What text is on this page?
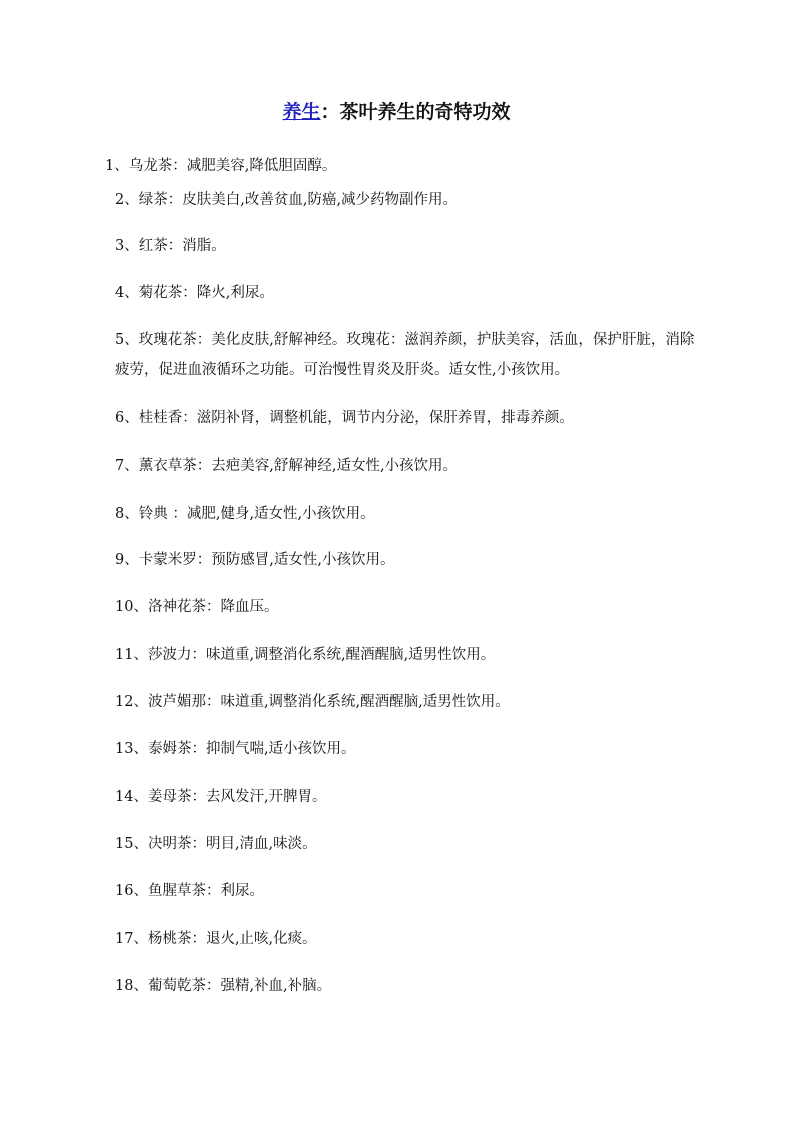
养生：茶叶养生的奇特功效
1、乌龙茶：减肥美容,降低胆固醇。
2、绿茶：皮肤美白,改善贫血,防癌,减少药物副作用。
3、红茶：消脂。
4、菊花茶：降火,利尿。
5、玫瑰花茶：美化皮肤,舒解神经。玫瑰花：滋润养颜，护肤美容，活血，保护肝脏，消除疲劳，促进血液循环之功能。可治慢性胃炎及肝炎。适女性,小孩饮用。
6、桂桂香：滋阴补肾，调整机能，调节内分泌，保肝养胃，排毒养颜。
7、薰衣草茶：去疤美容,舒解神经,适女性,小孩饮用。
8、铃典 ：减肥,健身,适女性,小孩饮用。
9、卡蒙米罗：预防感冒,适女性,小孩饮用。
10、洛神花茶：降血压。
11、莎波力：味道重,调整消化系统,醒酒醒脑,适男性饮用。
12、波芦媚那：味道重,调整消化系统,醒酒醒脑,适男性饮用。
13、泰姆茶：抑制气喘,适小孩饮用。
14、姜母茶：去风发汗,开脾胃。
15、决明茶：明目,清血,味淡。
16、鱼腥草茶：利尿。
17、杨桃茶：退火,止咳,化痰。
18、葡萄乾茶：强精,补血,补脑。
